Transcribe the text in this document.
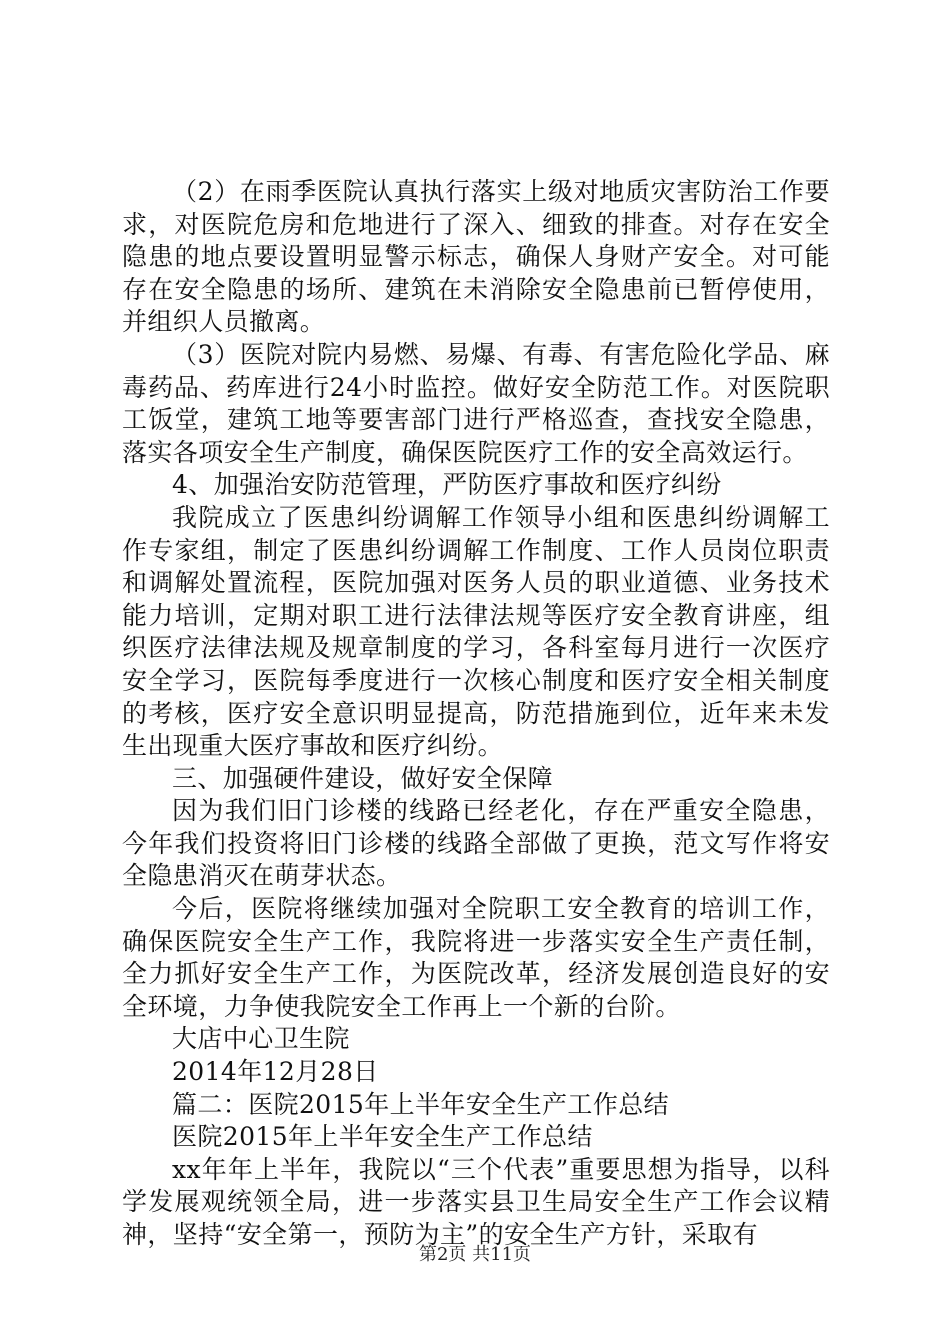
（2）在雨季医院认真执行落实上级对地质灾害防治工作要求，对医院危房和危地进行了深入、细致的排查。对存在安全隐患的地点要设置明显警示标志，确保人身财产安全。对可能存在安全隐患的场所、建筑在未消除安全隐患前已暂停使用，并组织人员撤离。

（3）医院对院内易燃、易爆、有毒、有害危险化学品、麻毒药品、药库进行24小时监控。做好安全防范工作。对医院职工饭堂，建筑工地等要害部门进行严格巡查，查找安全隐患，落实各项安全生产制度，确保医院医疗工作的安全高效运行。

4、加强治安防范管理，严防医疗事故和医疗纠纷

我院成立了医患纠纷调解工作领导小组和医患纠纷调解工作专家组，制定了医患纠纷调解工作制度、工作人员岗位职责和调解处置流程，医院加强对医务人员的职业道德、业务技术能力培训，定期对职工进行法律法规等医疗安全教育讲座，组织医疗法律法规及规章制度的学习，各科室每月进行一次医疗安全学习，医院每季度进行一次核心制度和医疗安全相关制度的考核，医疗安全意识明显提高，防范措施到位，近年来未发生出现重大医疗事故和医疗纠纷。

三、加强硬件建设，做好安全保障

因为我们旧门诊楼的线路已经老化，存在严重安全隐患，今年我们投资将旧门诊楼的线路全部做了更换，范文写作将安全隐患消灭在萌芽状态。

今后，医院将继续加强对全院职工安全教育的培训工作，确保医院安全生产工作，我院将进一步落实安全生产责任制，全力抓好安全生产工作，为医院改革，经济发展创造良好的安全环境，力争使我院安全工作再上一个新的台阶。

大店中心卫生院

2014年12月28日

篇二：医院2015年上半年安全生产工作总结

医院2015年上半年安全生产工作总结

xx年年上半年，我院以“三个代表”重要思想为指导，以科学发展观统领全局，进一步落实县卫生局安全生产工作会议精神，坚持“安全第一，预防为主”的安全生产方针，采取有

第2页 共11页
